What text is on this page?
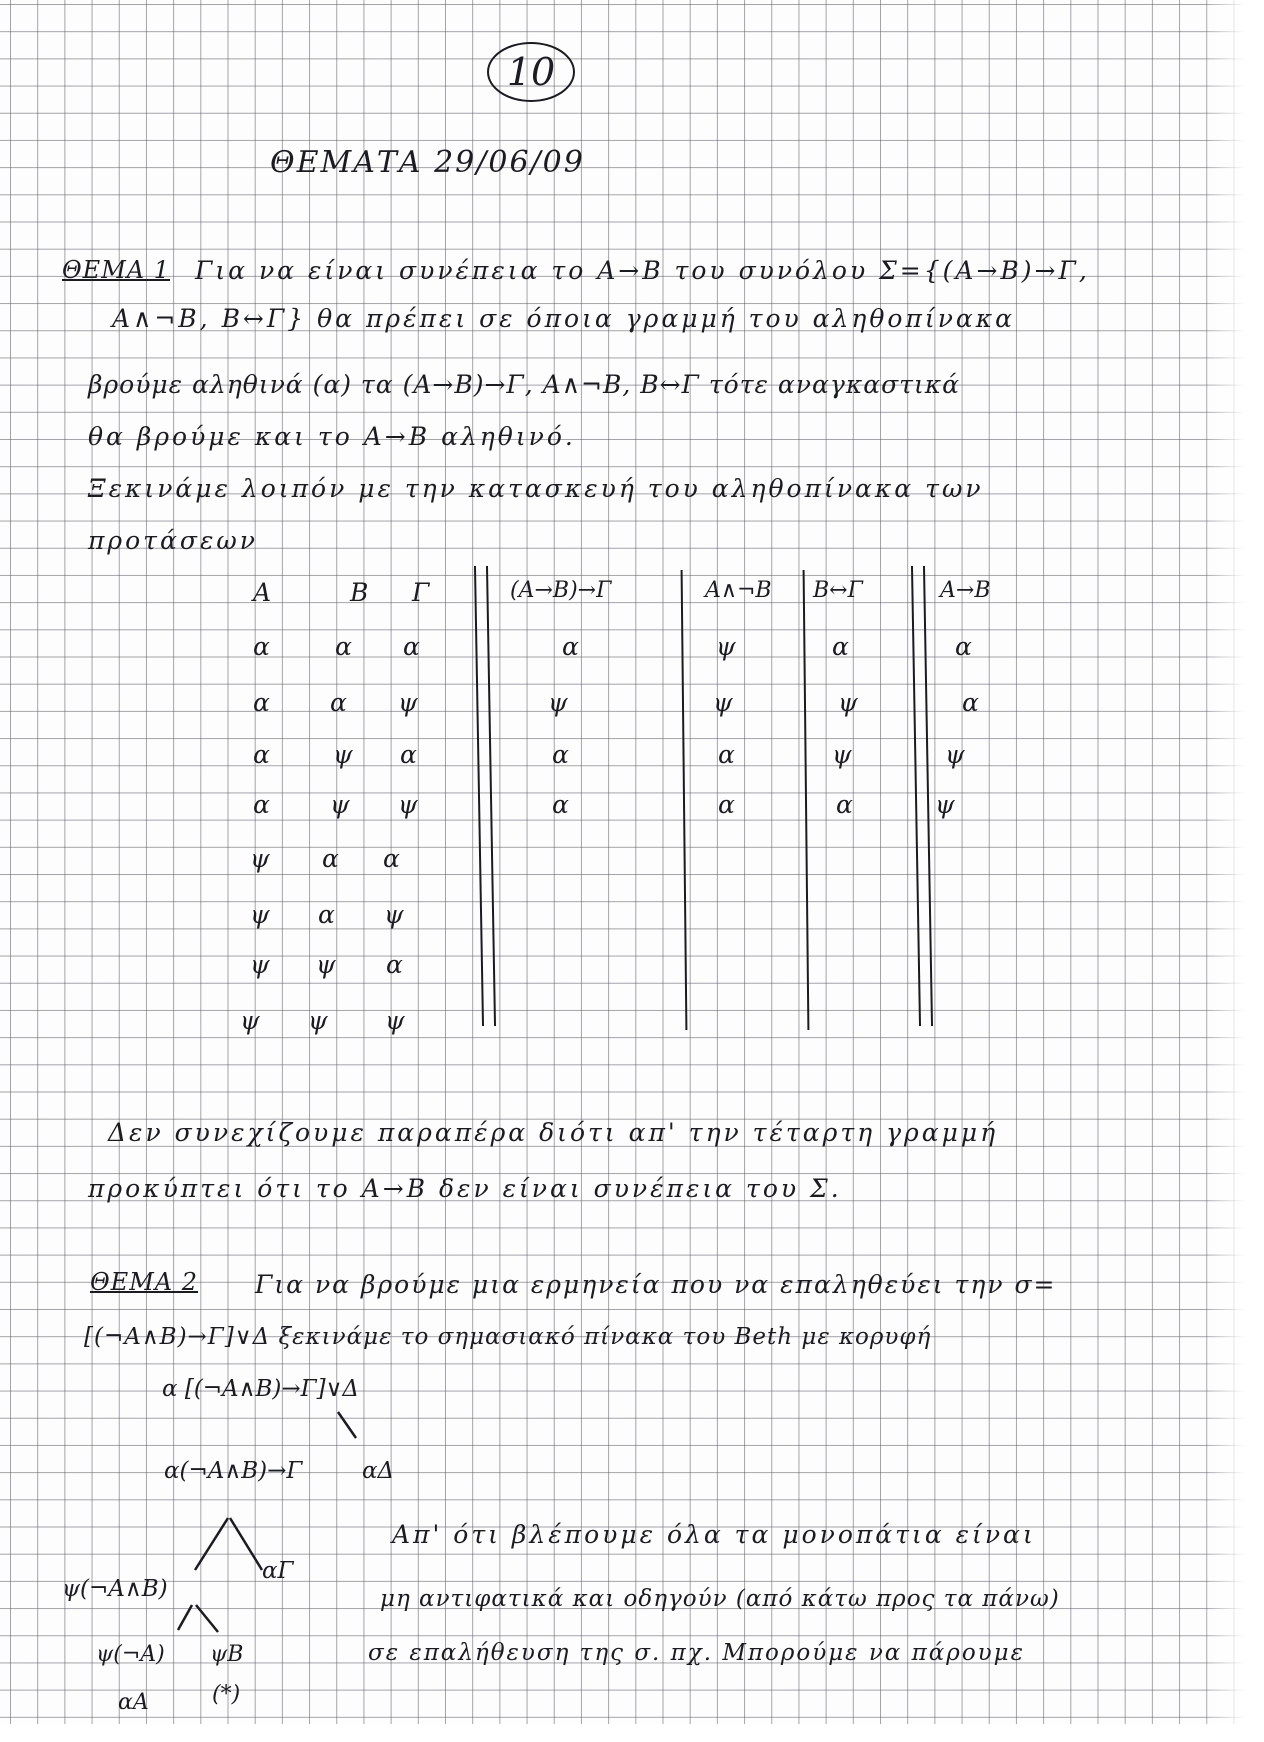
10
ΘΕΜΑΤΑ 29/06/09
ΘΕΜΑ 1 Για να είναι συνέπεια το Α→Β του συνόλου Σ={(Α→Β)→Γ,
Α∧¬Β, Β↔Γ} θα πρέπει σε όποια γραμμή του αληθοπίνακα
βρούμε αληθινά (α) τα (Α→Β)→Γ, Α∧¬Β, Β↔Γ τότε αναγκαστικά
θα βρούμε και το Α→Β αληθινό.
Ξεκινάμε λοιπόν με την κατασκευή του αληθοπίνακα των
προτάσεων
Α	Β Γ	(Α→Β)→Γ	Α∧¬Β Β↔Γ	Α→Β
α	α α	α	ψ	α	α
α α ψ	ψ	ψ	ψ	α
α	ψ α	α	α	ψ	ψ
α ψ ψ	α	α	α	ψ
ψ α α
ψ α ψ
ψ ψ α
ψ ψ ψ
Δεν συνεχίζουμε παραπέρα διότι απ' την τέταρτη γραμμή
προκύπτει ότι το Α→Β δεν είναι συνέπεια του Σ.
ΘΕΜΑ 2 Για να βρούμε μια ερμηνεία που να επαληθεύει την σ=
[(¬Α∧Β)→Γ]∨Δ ξεκινάμε το σημασιακό πίνακα του Beth με κορυφή
α [(¬Α∧Β)→Γ]∨Δ
α(¬Α∧Β)→Γ	αΔ
ψ(¬Α∧Β)
αΓ
ψ(¬Α) ψΒ
αΑ	(*)
Απ' ότι βλέπουμε όλα τα μονοπάτια είναι
μη αντιφατικά και οδηγούν (από κάτω προς τα πάνω)
σε επαλήθευση της σ. πχ. Μπορούμε να πάρουμε
